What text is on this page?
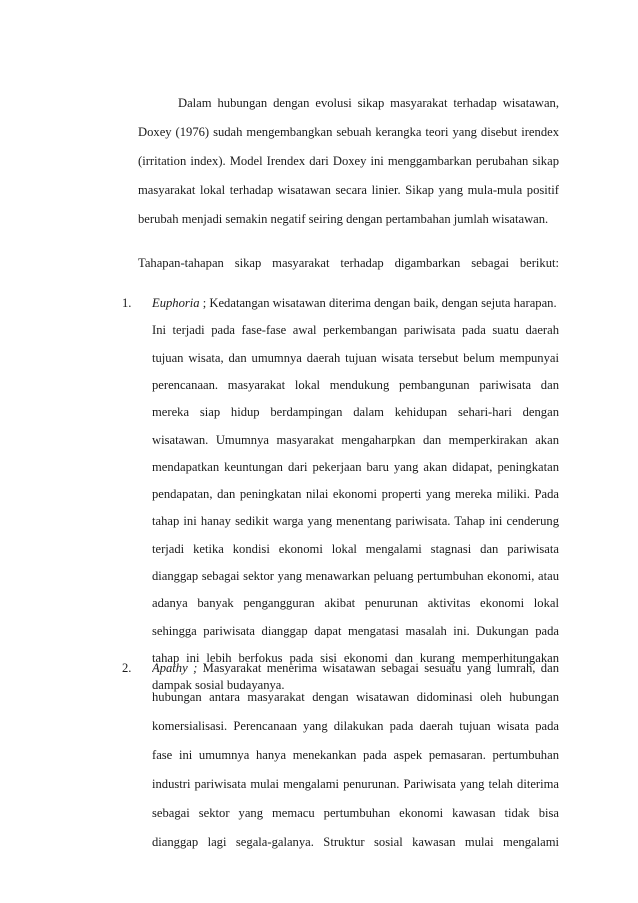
Dalam hubungan dengan evolusi sikap masyarakat terhadap wisatawan,
Doxey (1976) sudah mengembangkan sebuah kerangka teori yang disebut irendex
(irritation index). Model Irendex dari Doxey ini menggambarkan perubahan sikap
masyarakat lokal terhadap wisatawan secara linier. Sikap yang mula-mula positif
berubah menjadi semakin negatif seiring dengan pertambahan jumlah wisatawan.
Tahapan-tahapan sikap masyarakat terhadap digambarkan sebagai berikut:
1. Euphoria ; Kedatangan wisatawan diterima dengan baik, dengan sejuta harapan.
Ini terjadi pada fase-fase awal perkembangan pariwisata pada suatu daerah
tujuan wisata, dan umumnya daerah tujuan wisata tersebut belum mempunyai
perencanaan. masyarakat lokal mendukung pembangunan pariwisata dan
mereka siap hidup berdampingan dalam kehidupan sehari-hari dengan
wisatawan. Umumnya masyarakat mengaharpkan dan memperkirakan akan
mendapatkan keuntungan dari pekerjaan baru yang akan didapat, peningkatan
pendapatan, dan peningkatan nilai ekonomi properti yang mereka miliki. Pada
tahap ini hanay sedikit warga yang menentang pariwisata. Tahap ini cenderung
terjadi ketika kondisi ekonomi lokal mengalami stagnasi dan pariwisata
dianggap sebagai sektor yang menawarkan peluang pertumbuhan ekonomi, atau
adanya banyak pengangguran akibat penurunan aktivitas ekonomi lokal
sehingga pariwisata dianggap dapat mengatasi masalah ini. Dukungan pada
tahap ini lebih berfokus pada sisi ekonomi dan kurang memperhitungakan
dampak sosial budayanya.
2. Apathy ; Masyarakat menerima wisatawan sebagai sesuatu yang lumrah, dan
hubungan antara masyarakat dengan wisatawan didominasi oleh hubungan
komersialisasi. Perencanaan yang dilakukan pada daerah tujuan wisata pada
fase ini umumnya hanya menekankan pada aspek pemasaran. pertumbuhan
industri pariwisata mulai mengalami penurunan. Pariwisata yang telah diterima
sebagai sektor yang memacu pertumbuhan ekonomi kawasan tidak bisa
dianggap lagi segala-galanya. Struktur sosial kawasan mulai mengalami
